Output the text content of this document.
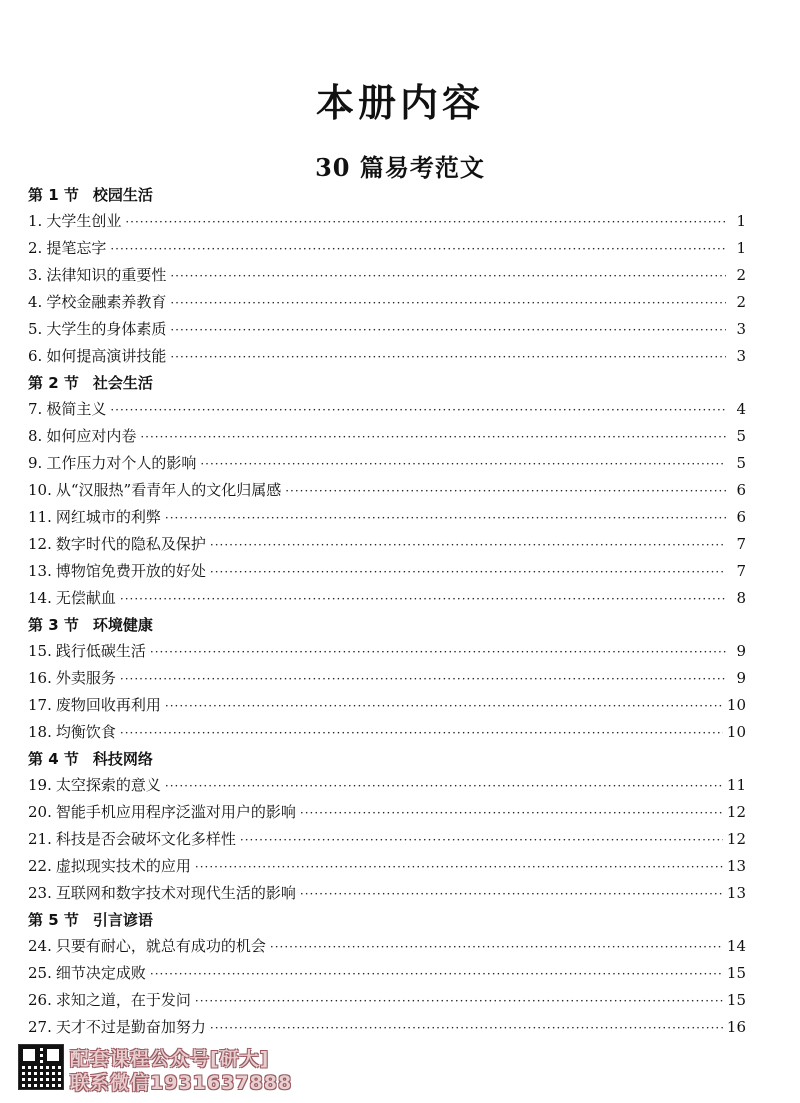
本册内容
30 篇易考范文
第 1 节 校园生活
1. 大学生创业 ·····	1
2. 提笔忘字 ·····	1
3. 法律知识的重要性 ·····	2
4. 学校金融素养教育 ·····	2
5. 大学生的身体素质 ·····	3
6. 如何提高演讲技能 ·····	3
第 2 节 社会生活
7. 极简主义 ·····	4
8. 如何应对内卷 ·····	5
9. 工作压力对个人的影响 ·····	5
10. 从“汉服热”看青年人的文化归属感 ·····	6
11. 网红城市的利弊 ·····	6
12. 数字时代的隐私及保护 ·····	7
13. 博物馆免费开放的好处 ·····	7
14. 无偿献血 ·····	8
第 3 节 环境健康
15. 践行低碳生活 ·····	9
16. 外卖服务 ·····	9
17. 废物回收再利用 ·····	10
18. 均衡饮食 ·····	10
第 4 节 科技网络
19. 太空探索的意义 ·····	11
20. 智能手机应用程序泛滥对用户的影响 ·····	12
21. 科技是否会破坏文化多样性 ·····	12
22. 虚拟现实技术的应用 ·····	13
23. 互联网和数字技术对现代生活的影响 ·····	13
第 5 节 引言谚语
24. 只要有耐心，就总有成功的机会 ·····	14
25. 细节决定成败 ·····	15
26. 求知之道，在于发问 ·····	15
27. 天才不过是勤奋加努力 ·····	16
配套课程公众号[研大]
联系微信1931637888
